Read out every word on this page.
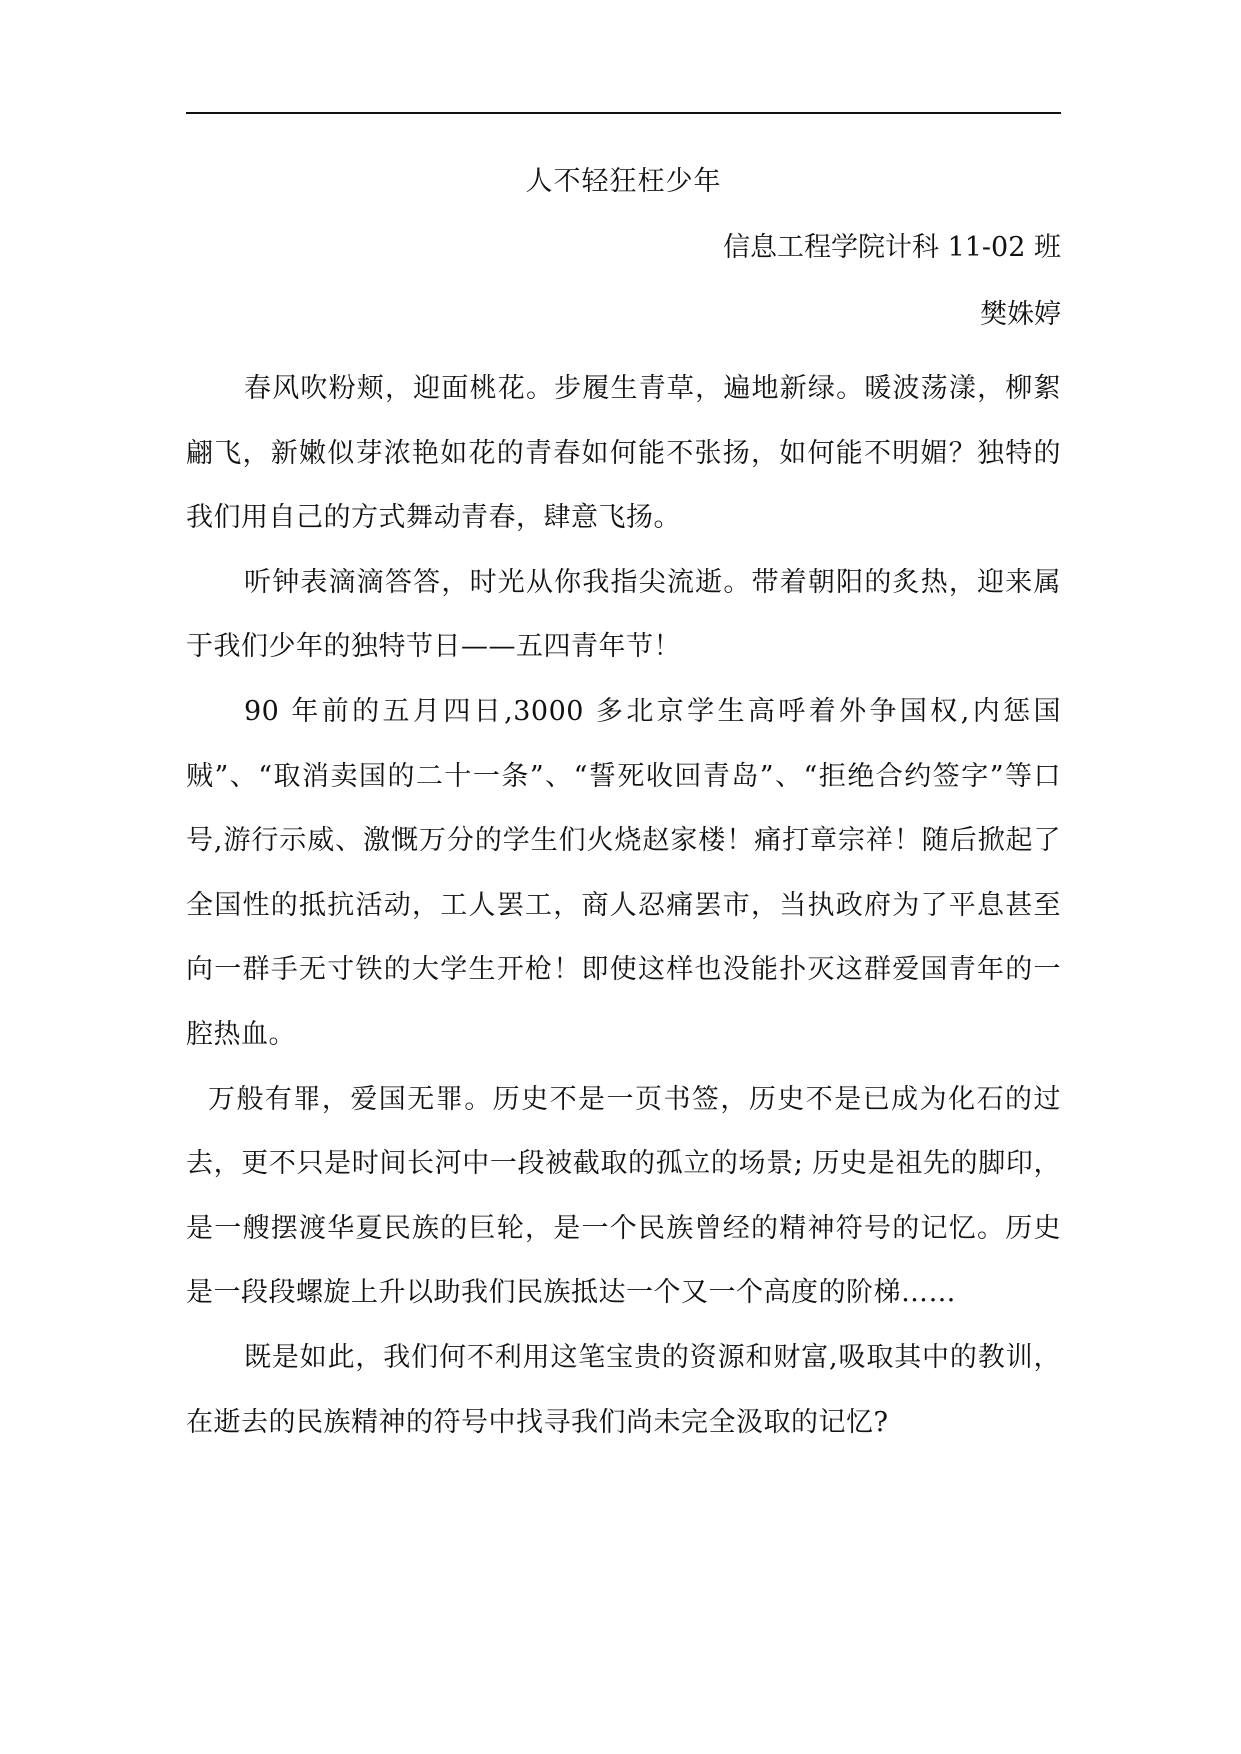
人不轻狂枉少年
信息工程学院计科 11-02 班
樊姝婷

春风吹粉颊，迎面桃花。步履生青草，遍地新绿。暖波荡漾，柳絮翩飞，新嫩似芽浓艳如花的青春如何能不张扬，如何能不明媚？独特的我们用自己的方式舞动青春，肆意飞扬。

听钟表滴滴答答，时光从你我指尖流逝。带着朝阳的炙热，迎来属于我们少年的独特节日——五四青年节！

90 年前的五月四日,3000 多北京学生高呼着外争国权,内惩国贼”、“取消卖国的二十一条”、“誓死收回青岛”、“拒绝合约签字”等口号,游行示威、激慨万分的学生们火烧赵家楼！痛打章宗祥！随后掀起了全国性的抵抗活动，工人罢工，商人忍痛罢市，当执政府为了平息甚至向一群手无寸铁的大学生开枪！即使这样也没能扑灭这群爱国青年的一腔热血。

万般有罪，爱国无罪。历史不是一页书签，历史不是已成为化石的过去，更不只是时间长河中一段被截取的孤立的场景; 历史是祖先的脚印，是一艘摆渡华夏民族的巨轮，是一个民族曾经的精神符号的记忆。历史是一段段螺旋上升以助我们民族抵达一个又一个高度的阶梯……

既是如此，我们何不利用这笔宝贵的资源和财富,吸取其中的教训，在逝去的民族精神的符号中找寻我们尚未完全汲取的记忆?
